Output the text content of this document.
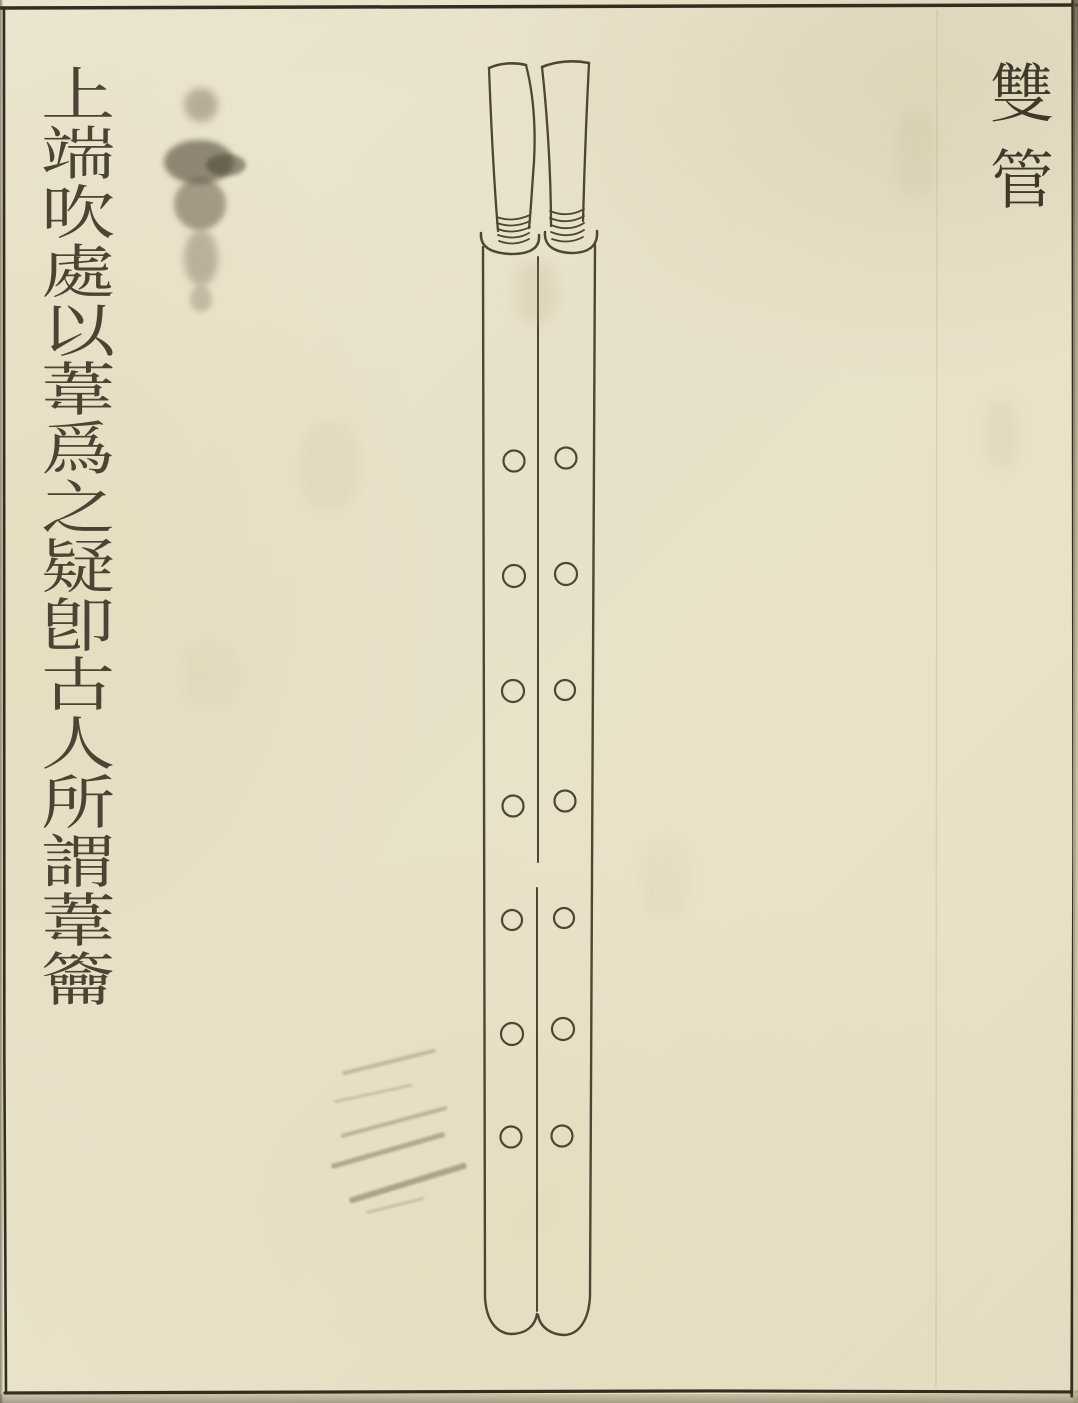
雙管
上端吹處以葦爲之疑卽古人所謂葦籥
